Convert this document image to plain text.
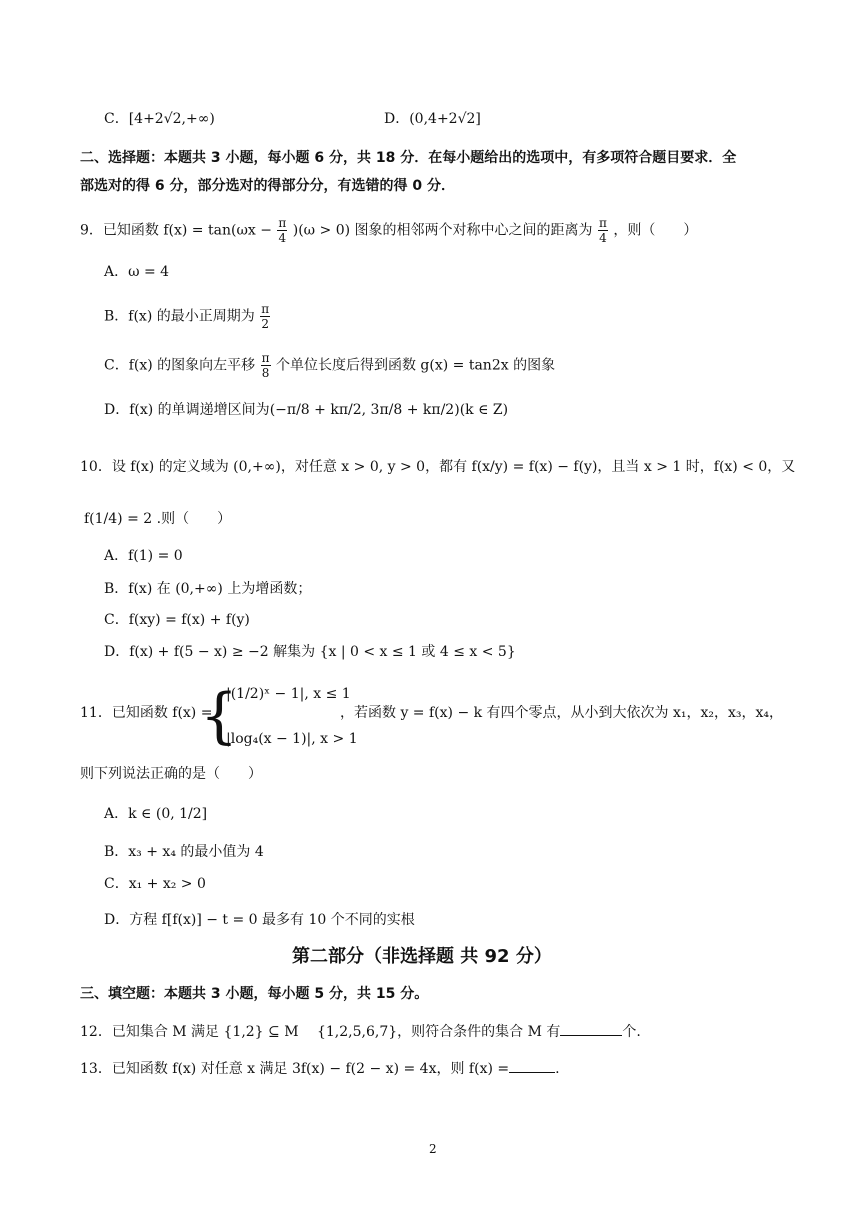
C．[4+2√2,+∞)	D．(0,4+2√2]
二、选择题：本题共 3 小题，每小题 6 分，共 18 分．在每小题给出的选项中，有多项符合题目要求．全
部选对的得 6 分，部分选对的得部分分，有选错的得 0 分．
9．已知函数 $f(x) = \tan(\omega x - \frac{\pi}{4} )(\omega > 0)$ 图象的相邻两个对称中心之间的距离为 $\frac{\pi}{4}$ ，则（　　）
A．ω = 4
B．f(x) 的最小正周期为 $\frac{\pi}{2}$
C．f(x) 的图象向左平移 $\frac{\pi}{8}$ 个单位长度后得到函数 g(x) = tan2x 的图象
D．f(x) 的单调递增区间为(−π/8 + kπ/2, 3π/8 + kπ/2)(k ∈ Z)
10．设 f(x) 的定义域为 (0,+∞)，对任意 x > 0, y > 0，都有 f(x/y) = f(x) − f(y)，且当 x > 1 时，f(x) < 0，又
f(1/4) = 2 .则（　　）
A．f(1) = 0
B．f(x) 在 (0,+∞) 上为增函数；
C．f(xy) = f(x) + f(y)
D．f(x) + f(5 − x) ≥ −2 解集为 {x | 0 < x ≤ 1 或 4 ≤ x < 5}
11．已知函数 f(x) =
{
|(1/2)ˣ − 1|, x ≤ 1
|log₄(x − 1)|, x > 1
，若函数 y = f(x) − k 有四个零点，从小到大依次为 x₁，x₂，x₃，x₄，
则下列说法正确的是（　　）
A．k ∈ (0, 1/2]
B．x₃ + x₄ 的最小值为 4
C．x₁ + x₂ > 0
D．方程 f[f(x)] − t = 0 最多有 10 个不同的实根
第二部分（非选择题 共 92 分）
三、填空题：本题共 3 小题，每小题 5 分，共 15 分。
12．已知集合 M 满足 {1,2} ⊆ M　 {1,2,5,6,7}，则符合条件的集合 M 有	个.
13．已知函数 f(x) 对任意 x 满足 3f(x) − f(2 − x) = 4x，则 f(x) =	.
2
